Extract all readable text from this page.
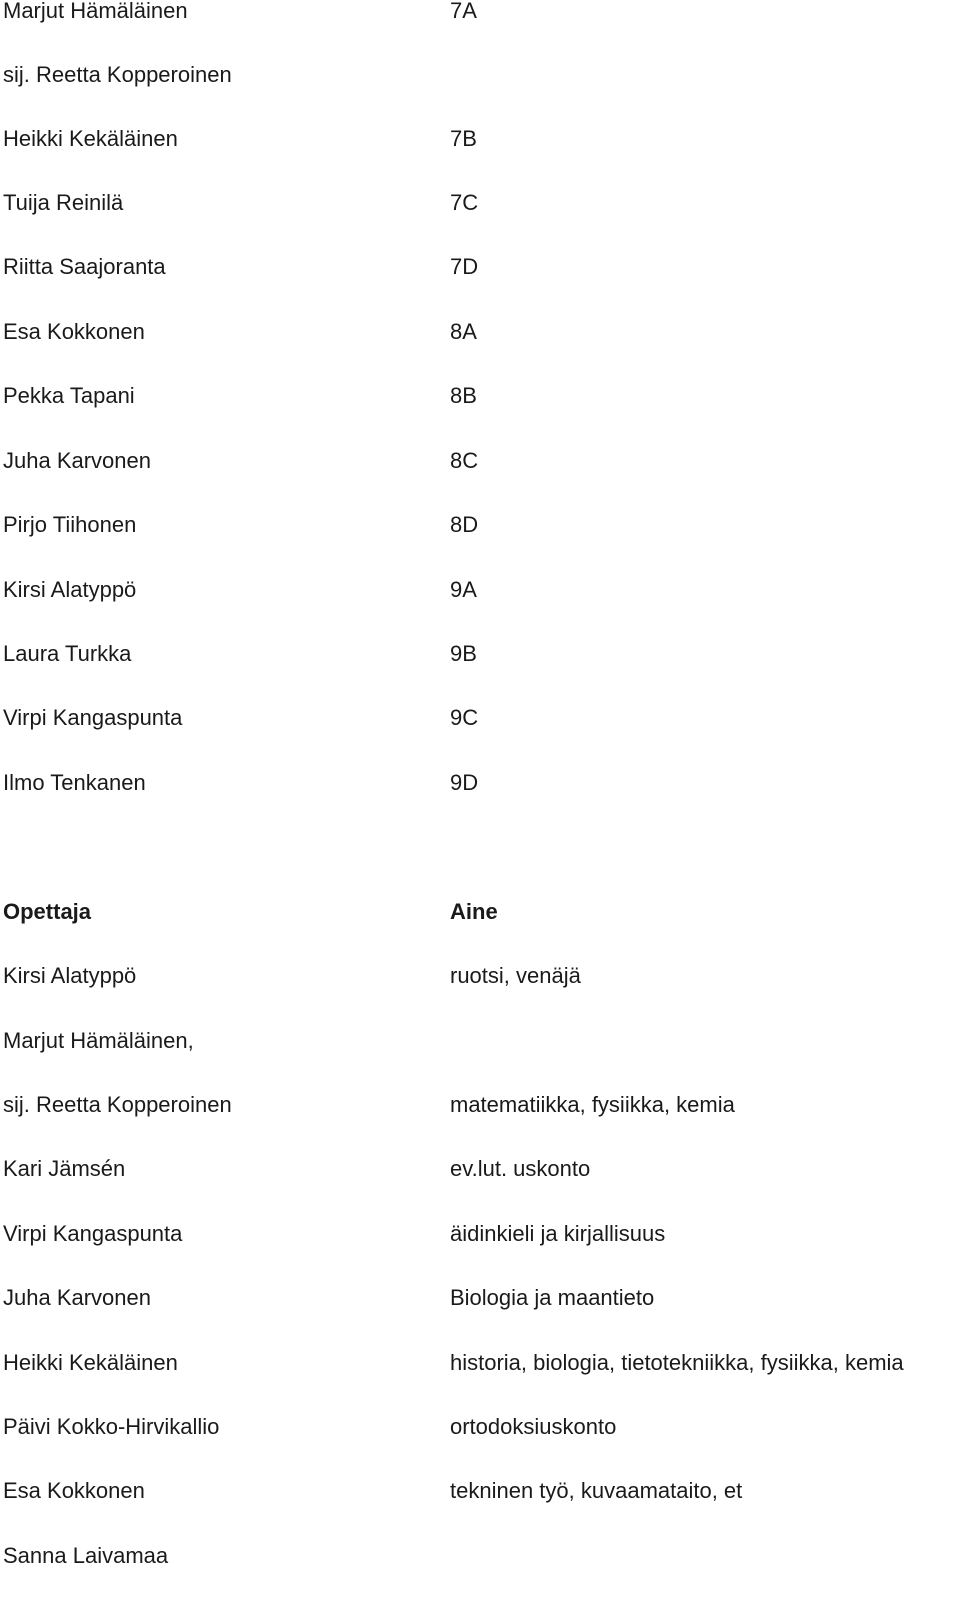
Marjut Hämäläinen	7A
sij. Reetta Kopperoinen
Heikki Kekäläinen	7B
Tuija Reinilä	7C
Riitta Saajoranta	7D
Esa Kokkonen	8A
Pekka Tapani	8B
Juha Karvonen	8C
Pirjo Tiihonen	8D
Kirsi Alatyppö	9A
Laura Turkka	9B
Virpi Kangaspunta	9C
Ilmo Tenkanen	9D
Opettaja	Aine
Kirsi Alatyppö	ruotsi, venäjä
Marjut Hämäläinen,
sij. Reetta Kopperoinen	matematiikka, fysiikka, kemia
Kari Jämsén	ev.lut. uskonto
Virpi Kangaspunta	äidinkieli ja kirjallisuus
Juha Karvonen	Biologia ja maantieto
Heikki Kekäläinen	historia, biologia, tietotekniikka, fysiikka, kemia
Päivi Kokko-Hirvikallio	ortodoksiuskonto
Esa Kokkonen	tekninen työ, kuvaamataito, et
Sanna Laivamaa
